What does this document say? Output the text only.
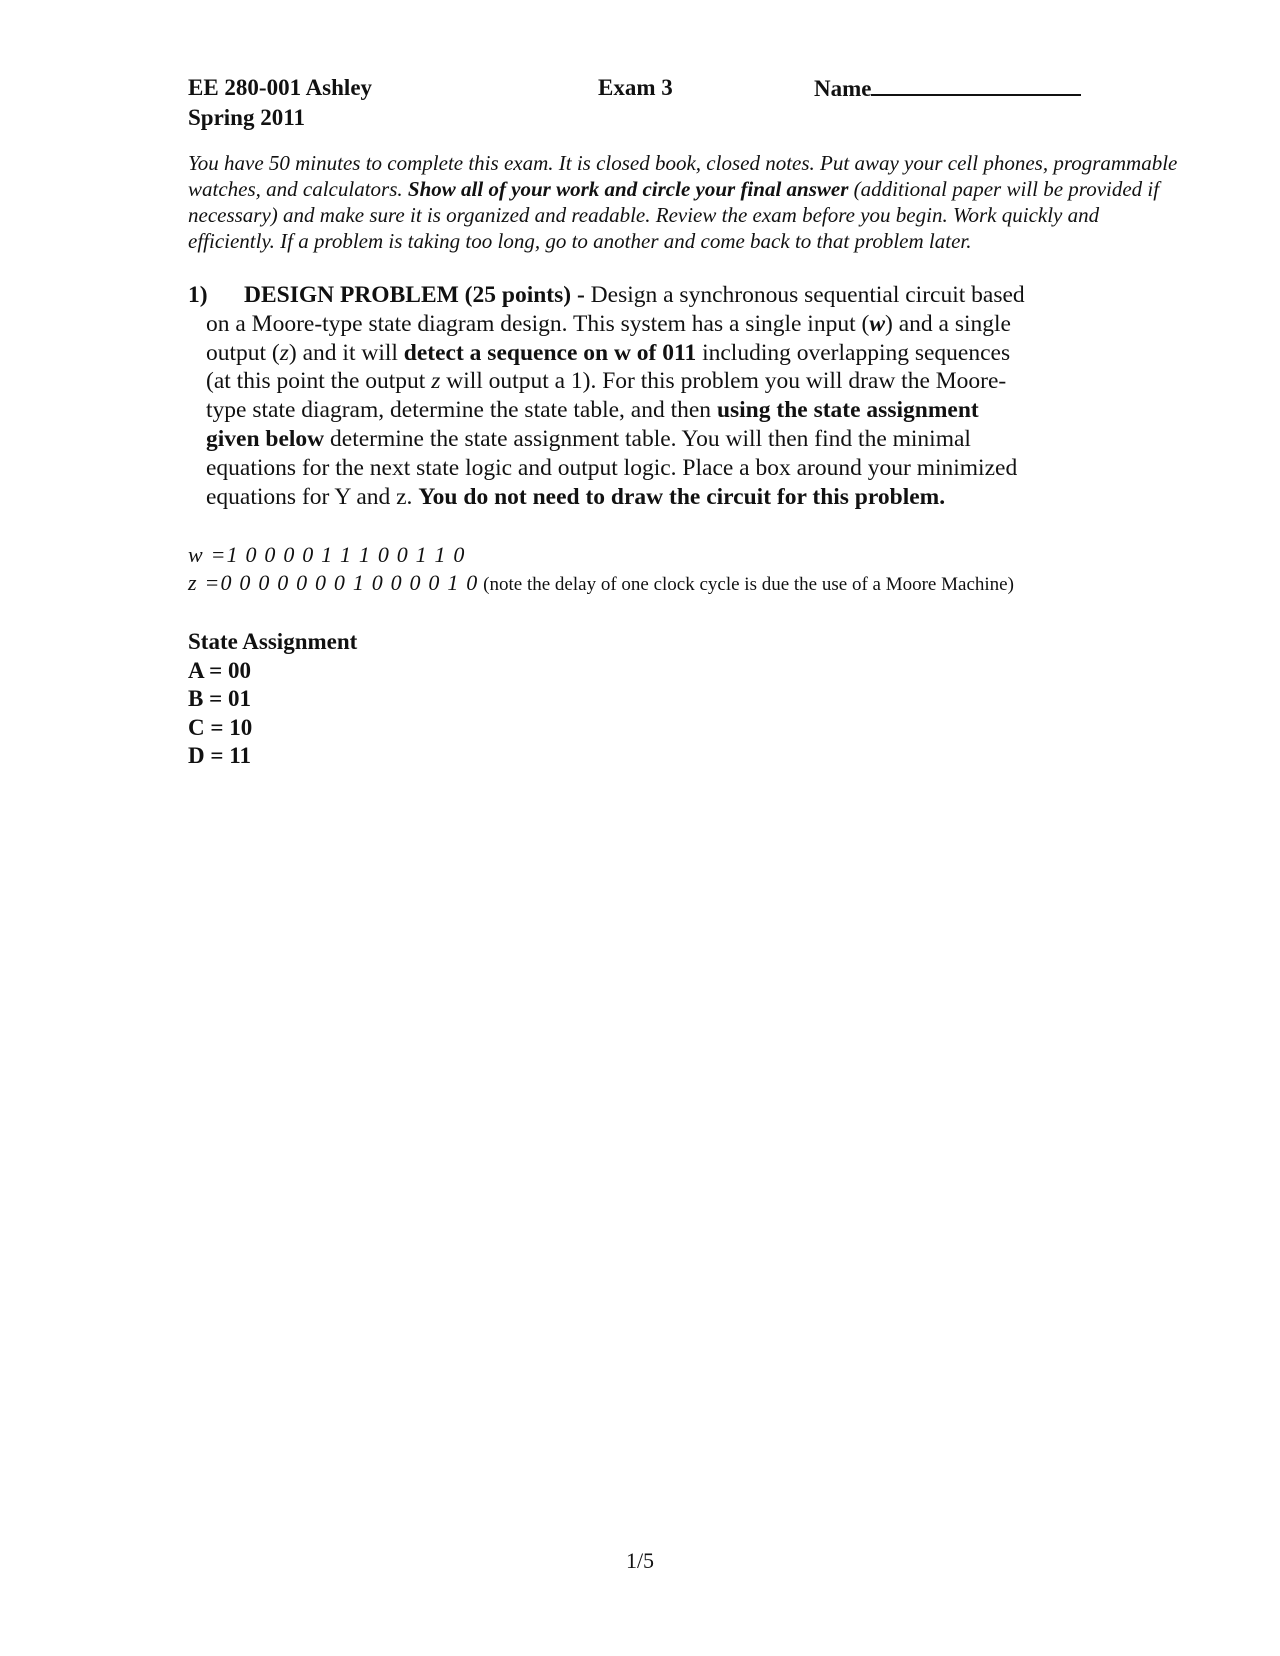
EE 280-001 Ashley
Spring 2011
Exam 3	Name
You have 50 minutes to complete this exam. It is closed book, closed notes. Put away your cell phones, programmable watches, and calculators. Show all of your work and circle your final answer (additional paper will be provided if necessary) and make sure it is organized and readable. Review the exam before you begin. Work quickly and efficiently. If a problem is taking too long, go to another and come back to that problem later.
1) DESIGN PROBLEM (25 points) - Design a synchronous sequential circuit based
on a Moore-type state diagram design. This system has a single input (w) and a single
output (z) and it will detect a sequence on w of 011 including overlapping sequences
(at this point the output z will output a 1). For this problem you will draw the Moore-
type state diagram, determine the state table, and then using the state assignment
given below determine the state assignment table. You will then find the minimal
equations for the next state logic and output logic. Place a box around your minimized
equations for Y and z. You do not need to draw the circuit for this problem.
w =1 0 0 0 0 1 1 1 0 0 1 1 0
z =0 0 0 0 0 0 0 1 0 0 0 0 1 0 (note the delay of one clock cycle is due the use of a Moore Machine)
State Assignment
A = 00
B = 01
C = 10
D = 11
1/5
